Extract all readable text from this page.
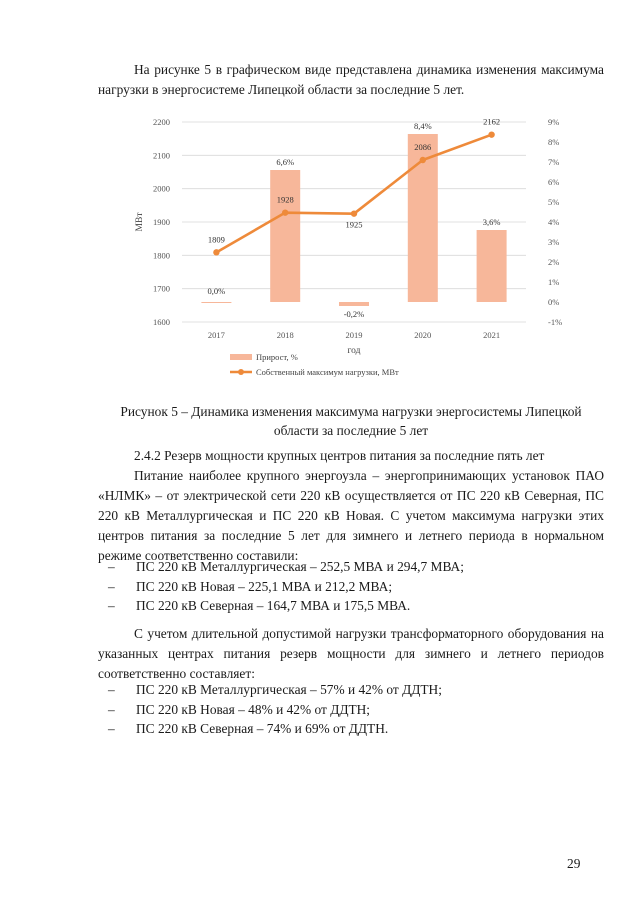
На рисунке 5 в графическом виде представлена динамика изменения максимума нагрузки в энергосистеме Липецкой области за последние 5 лет.

0,0%
6,6%
-0,2%
8,4%
3,6%
1809
1928
1925
2086
2162
1600
1700
1800
1900
2000
2100
2200
-1%
0%
1%
2%
3%
4%
5%
6%
7%
8%
9%
2017	2018	2019	2020	2021
год
МВт
Прирост, %
Собственный максимум нагрузки, МВт

Рисунок 5 – Динамика изменения максимума нагрузки энергосистемы Липецкой области за последние 5 лет

2.4.2 Резерв мощности крупных центров питания за последние пять лет

Питание наиболее крупного энергоузла – энергопринимающих установок ПАО «НЛМК» – от электрической сети 220 кВ осуществляется от ПС 220 кВ Северная, ПС 220 кВ Металлургическая и ПС 220 кВ Новая. С учетом максимума нагрузки этих центров питания за последние 5 лет для зимнего и летнего периода в нормальном режиме соответственно составили:

–	ПС 220 кВ Металлургическая – 252,5 МВА и 294,7 МВА;
–	ПС 220 кВ Новая – 225,1 МВА и 212,2 МВА;
–	ПС 220 кВ Северная – 164,7 МВА и 175,5 МВА.

С учетом длительной допустимой нагрузки трансформаторного оборудования на указанных центрах питания резерв мощности для зимнего и летнего периодов соответственно составляет:

–	ПС 220 кВ Металлургическая – 57% и 42% от ДДТН;
–	ПС 220 кВ Новая – 48% и 42% от ДДТН;
–	ПС 220 кВ Северная – 74% и 69% от ДДТН.
29
